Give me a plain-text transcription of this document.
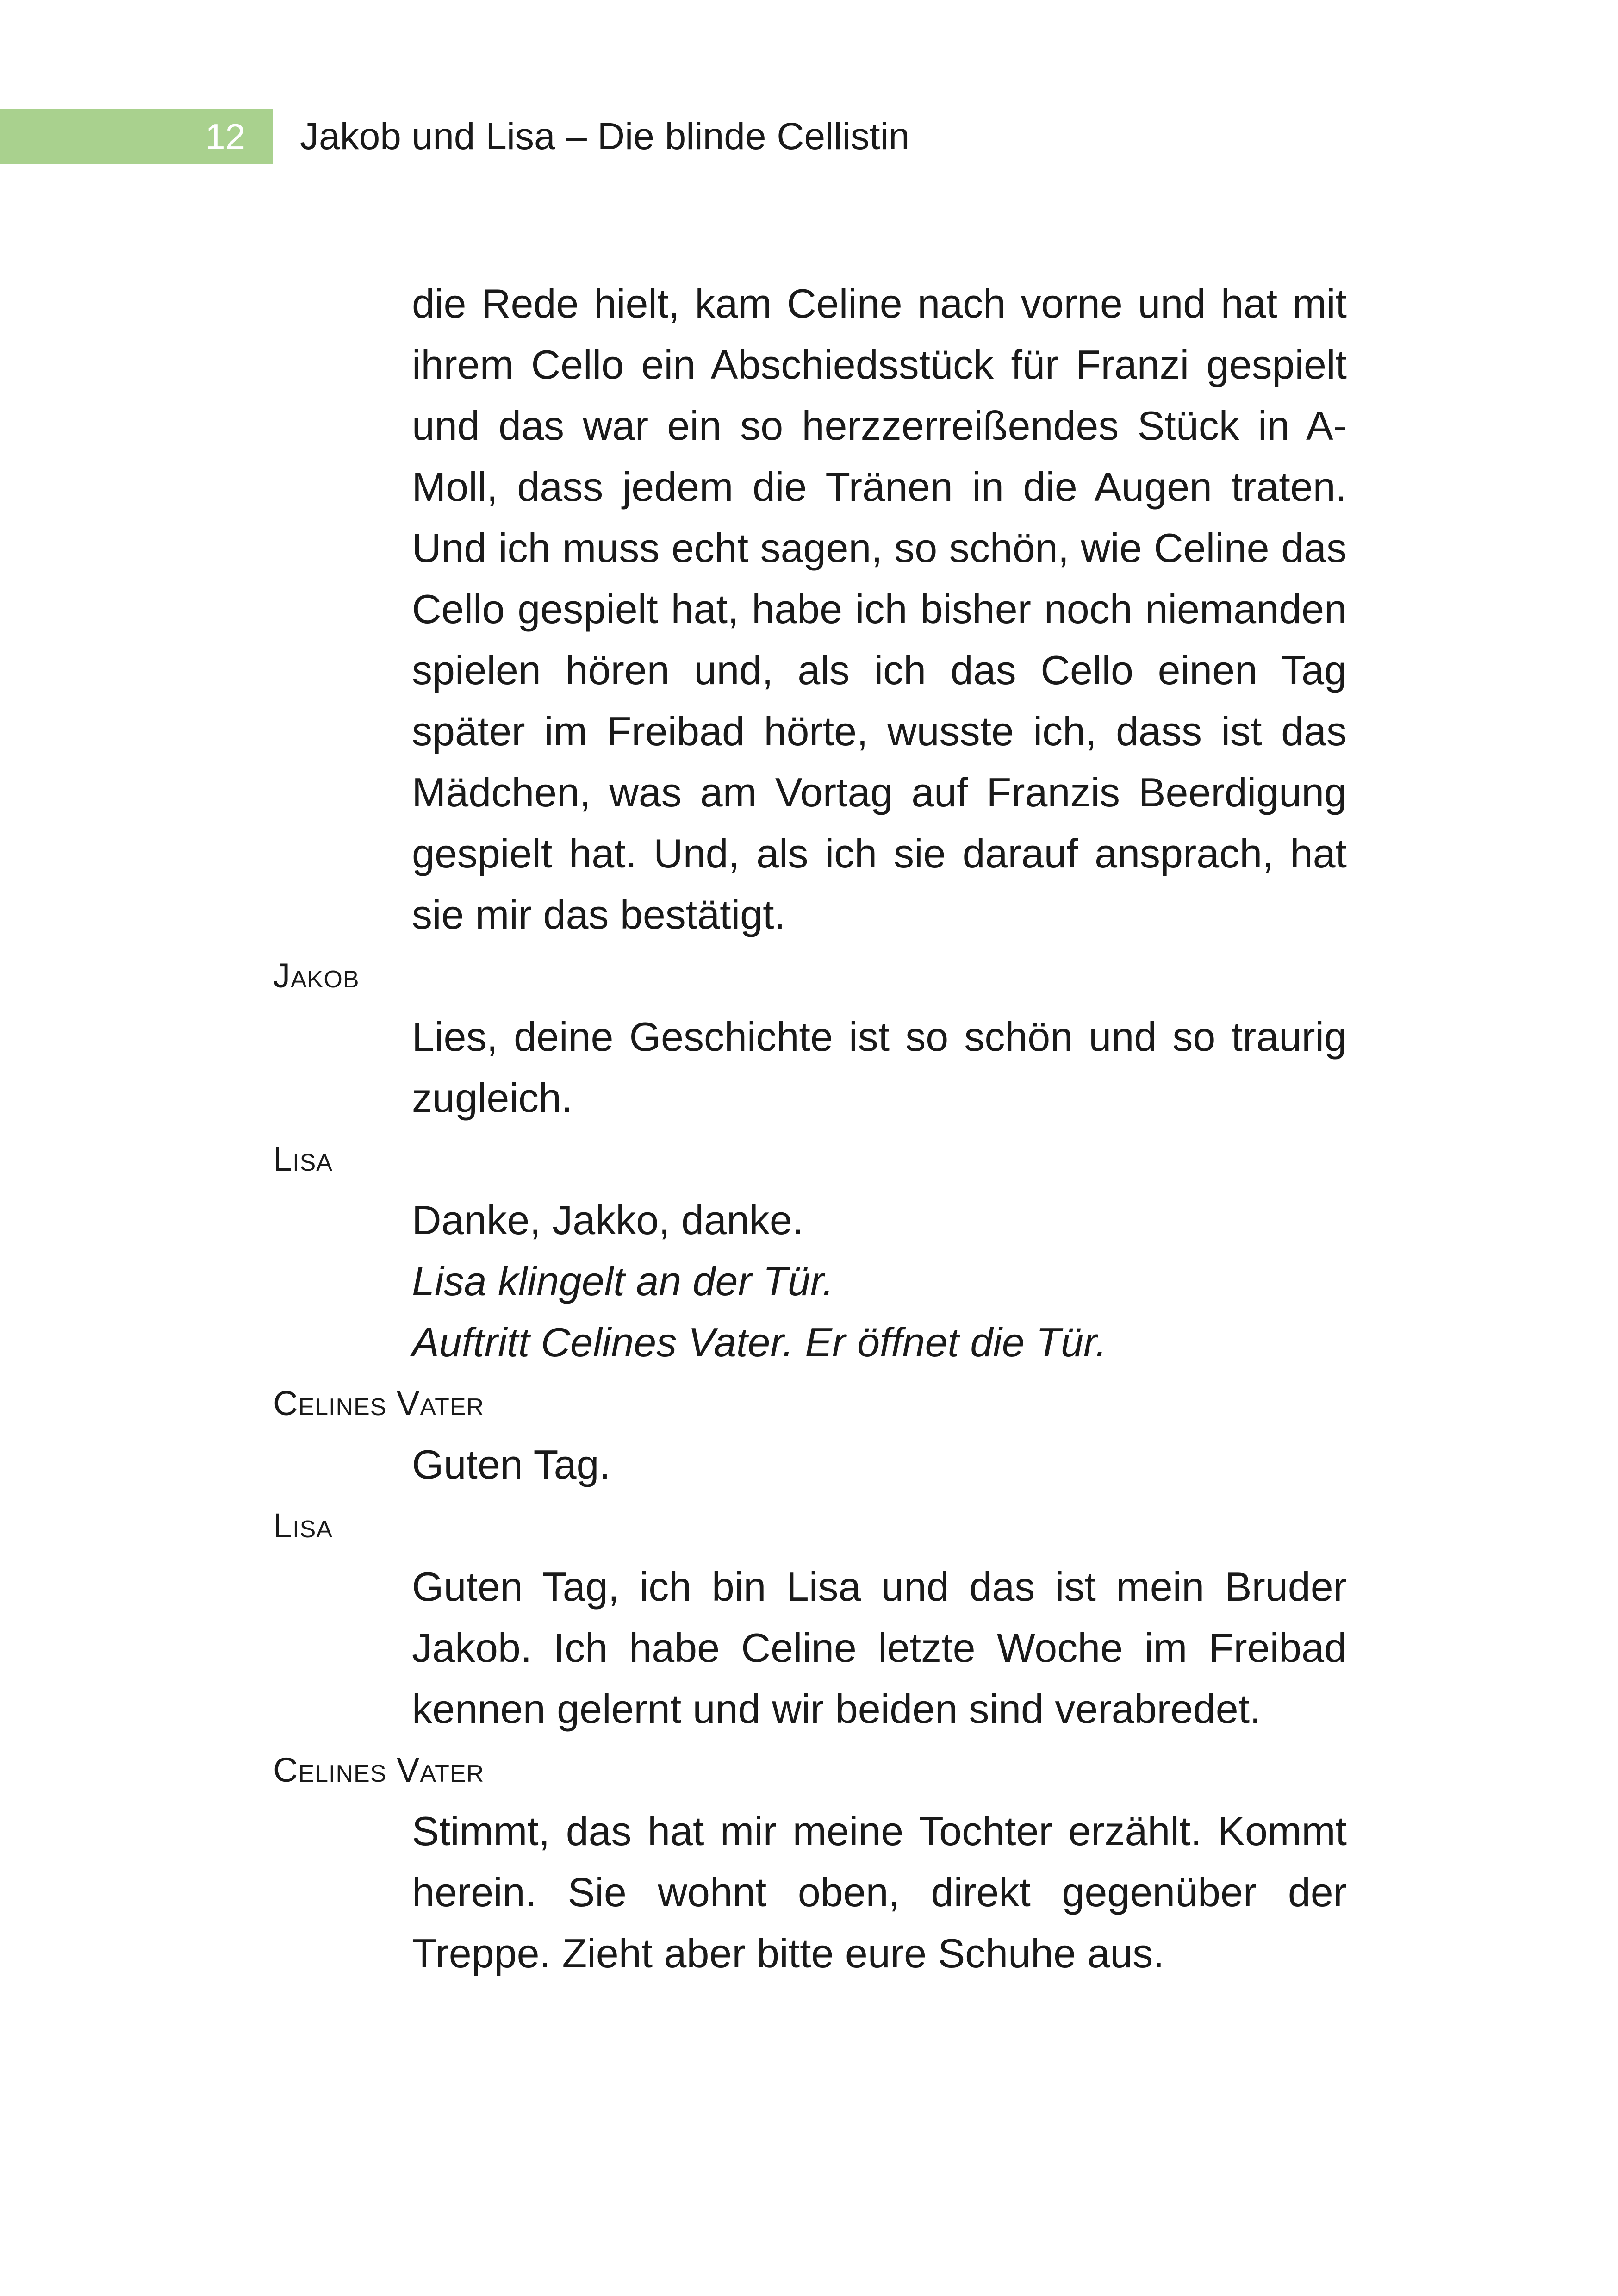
12 Jakob und Lisa – Die blinde Cellistin
die Rede hielt, kam Celine nach vorne und hat mit ihrem Cello ein Abschiedsstück für Franzi gespielt und das war ein so herzzerreißendes Stück in A-Moll, dass jedem die Tränen in die Augen traten. Und ich muss echt sagen, so schön, wie Celine das Cello gespielt hat, habe ich bisher noch niemanden spielen hören und, als ich das Cello einen Tag später im Freibad hörte, wusste ich, dass ist das Mädchen, was am Vortag auf Franzis Beerdigung gespielt hat. Und, als ich sie darauf ansprach, hat sie mir das bestätigt.
Jakob
Lies, deine Geschichte ist so schön und so traurig zugleich.
Lisa
Danke, Jakko, danke.
Lisa klingelt an der Tür.
Auftritt Celines Vater. Er öffnet die Tür.
Celines Vater
Guten Tag.
Lisa
Guten Tag, ich bin Lisa und das ist mein Bruder Jakob. Ich habe Celine letzte Woche im Freibad kennen gelernt und wir beiden sind verabredet.
Celines Vater
Stimmt, das hat mir meine Tochter erzählt. Kommt herein. Sie wohnt oben, direkt gegenüber der Treppe. Zieht aber bitte eure Schuhe aus.
